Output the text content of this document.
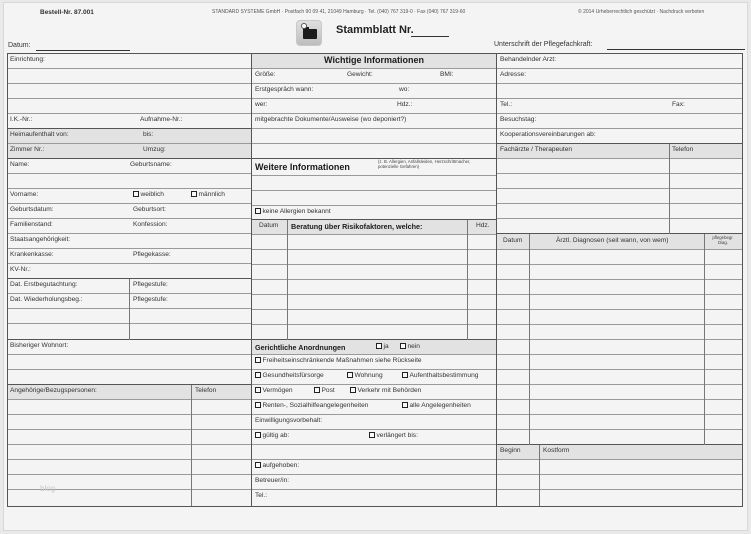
Bestell-Nr. 87.001	STANDARD SYSTEME GmbH · Postfach 90 09 41, 21049 Hamburg · Tel. (040) 767 319-0 · Fax (040) 767 319-60	© 2014 Urheberrechtlich geschützt · Nachdruck verboten
Stammblatt Nr.
Datum:	Unterschrift der Pflegefachkraft:
Einrichtung:
I.K.-Nr.:	Aufnahme-Nr.:
Heimaufenthalt von:	bis:
Zimmer Nr.:	Umzug:
Name:	Geburtsname:
Vorname:	weiblich	männlich
Geburtsdatum:	Geburtsort:
Familienstand:	Konfession:
Staatsangehörigkeit:
Krankenkasse:	Pflegekasse:
KV-Nr.:
Dat. Erstbegutachtung:	Pflegestufe:
Dat. Wiederholungsbeg.:	Pflegestufe:
Bisheriger Wohnort:
Angehörige/Bezugspersonen:	Telefon
blog
Wichtige Informationen
Größe:	Gewicht:	BMI:
Erstgespräch wann:	wo:
wer:	Hdz.:
mitgebrachte Dokumente/Ausweise (wo deponiert?)
Weitere Informationen
(z. B. Allergien, Anfallsleiden, Herzschrittmacher, potenzielle Gefahren)
keine Allergien bekannt
Datum Beratung über Risikofaktoren, welche:	Hdz.
Gerichtliche Anordnungen	ja	nein
Freiheitseinschränkende Maßnahmen siehe Rückseite
Gesundheitsfürsorge	Wohnung	Aufenthaltsbestimmung
Vermögen	Post	Verkehr mit Behörden
Renten-, Sozialhilfeangelegenheiten	alle Angelegenheiten
Einwilligungsvorbehalt:
gültig ab:	verlängert bis:
aufgehoben:
Betreuer/in:
Tel.:
Behandelnder Arzt:
Adresse:
Tel.:	Fax:
Besuchstag:
Kooperationsvereinbarungen ab:
Fachärzte / Therapeuten	Telefon
Datum	Ärztl. Diagnosen (seit wann, von wem)	pflegebegr. Diag.
Beginn	Kostform
